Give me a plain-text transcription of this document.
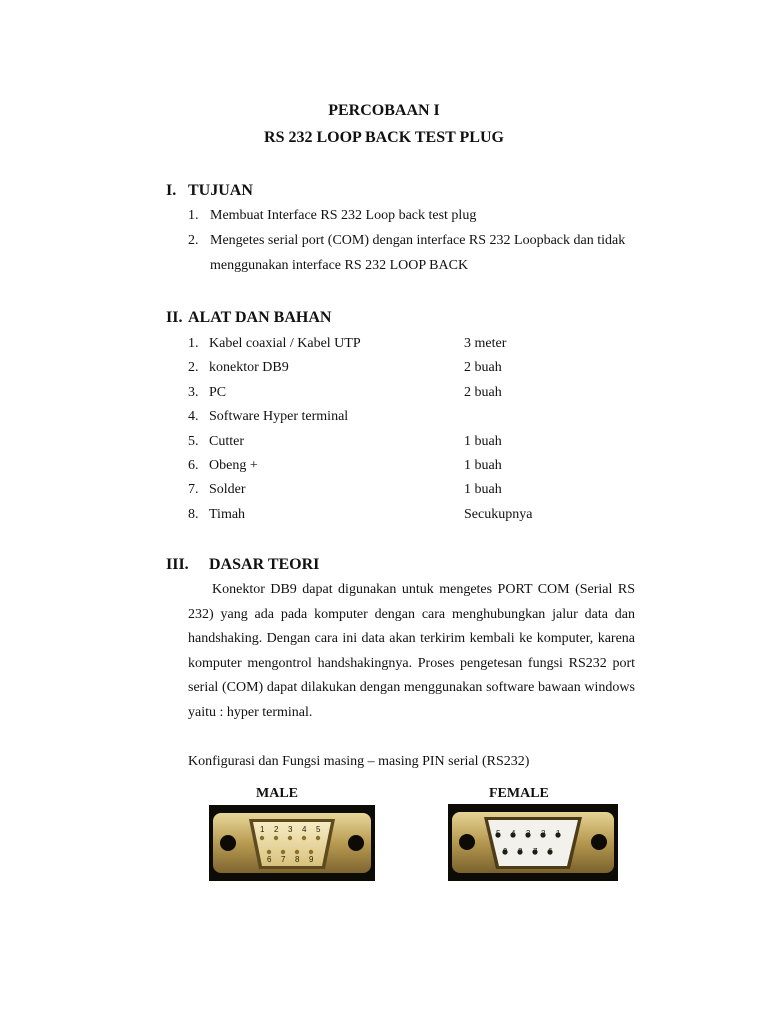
PERCOBAAN I
RS 232 LOOP BACK TEST PLUG
I. TUJUAN
1. Membuat Interface RS 232 Loop back test plug
2. Mengetes serial port (COM) dengan interface RS 232 Loopback dan tidak
menggunakan interface RS 232 LOOP BACK
II. ALAT DAN BAHAN
1. Kabel coaxial / Kabel UTP	3 meter
2. konektor DB9	2 buah
3. PC	2 buah
4. Software Hyper terminal
5. Cutter	1 buah
6. Obeng +	1 buah
7. Solder	1 buah
8. Timah	Secukupnya
III. DASAR TEORI

Konektor DB9 dapat digunakan untuk mengetes PORT COM (Serial RS 232) yang ada pada komputer dengan cara menghubungkan jalur data dan handshaking. Dengan cara ini data akan terkirim kembali ke komputer, karena komputer mengontrol handshakingnya. Proses pengetesan fungsi RS232 port serial (COM) dapat dilakukan dengan menggunakan software bawaan windows yaitu : hyper terminal.

Konfigurasi dan Fungsi masing – masing PIN serial (RS232)
MALE	FEMALE
1 2 3 4 5
6 7 8 9
5 4 3 2 1
9 8 7 6
